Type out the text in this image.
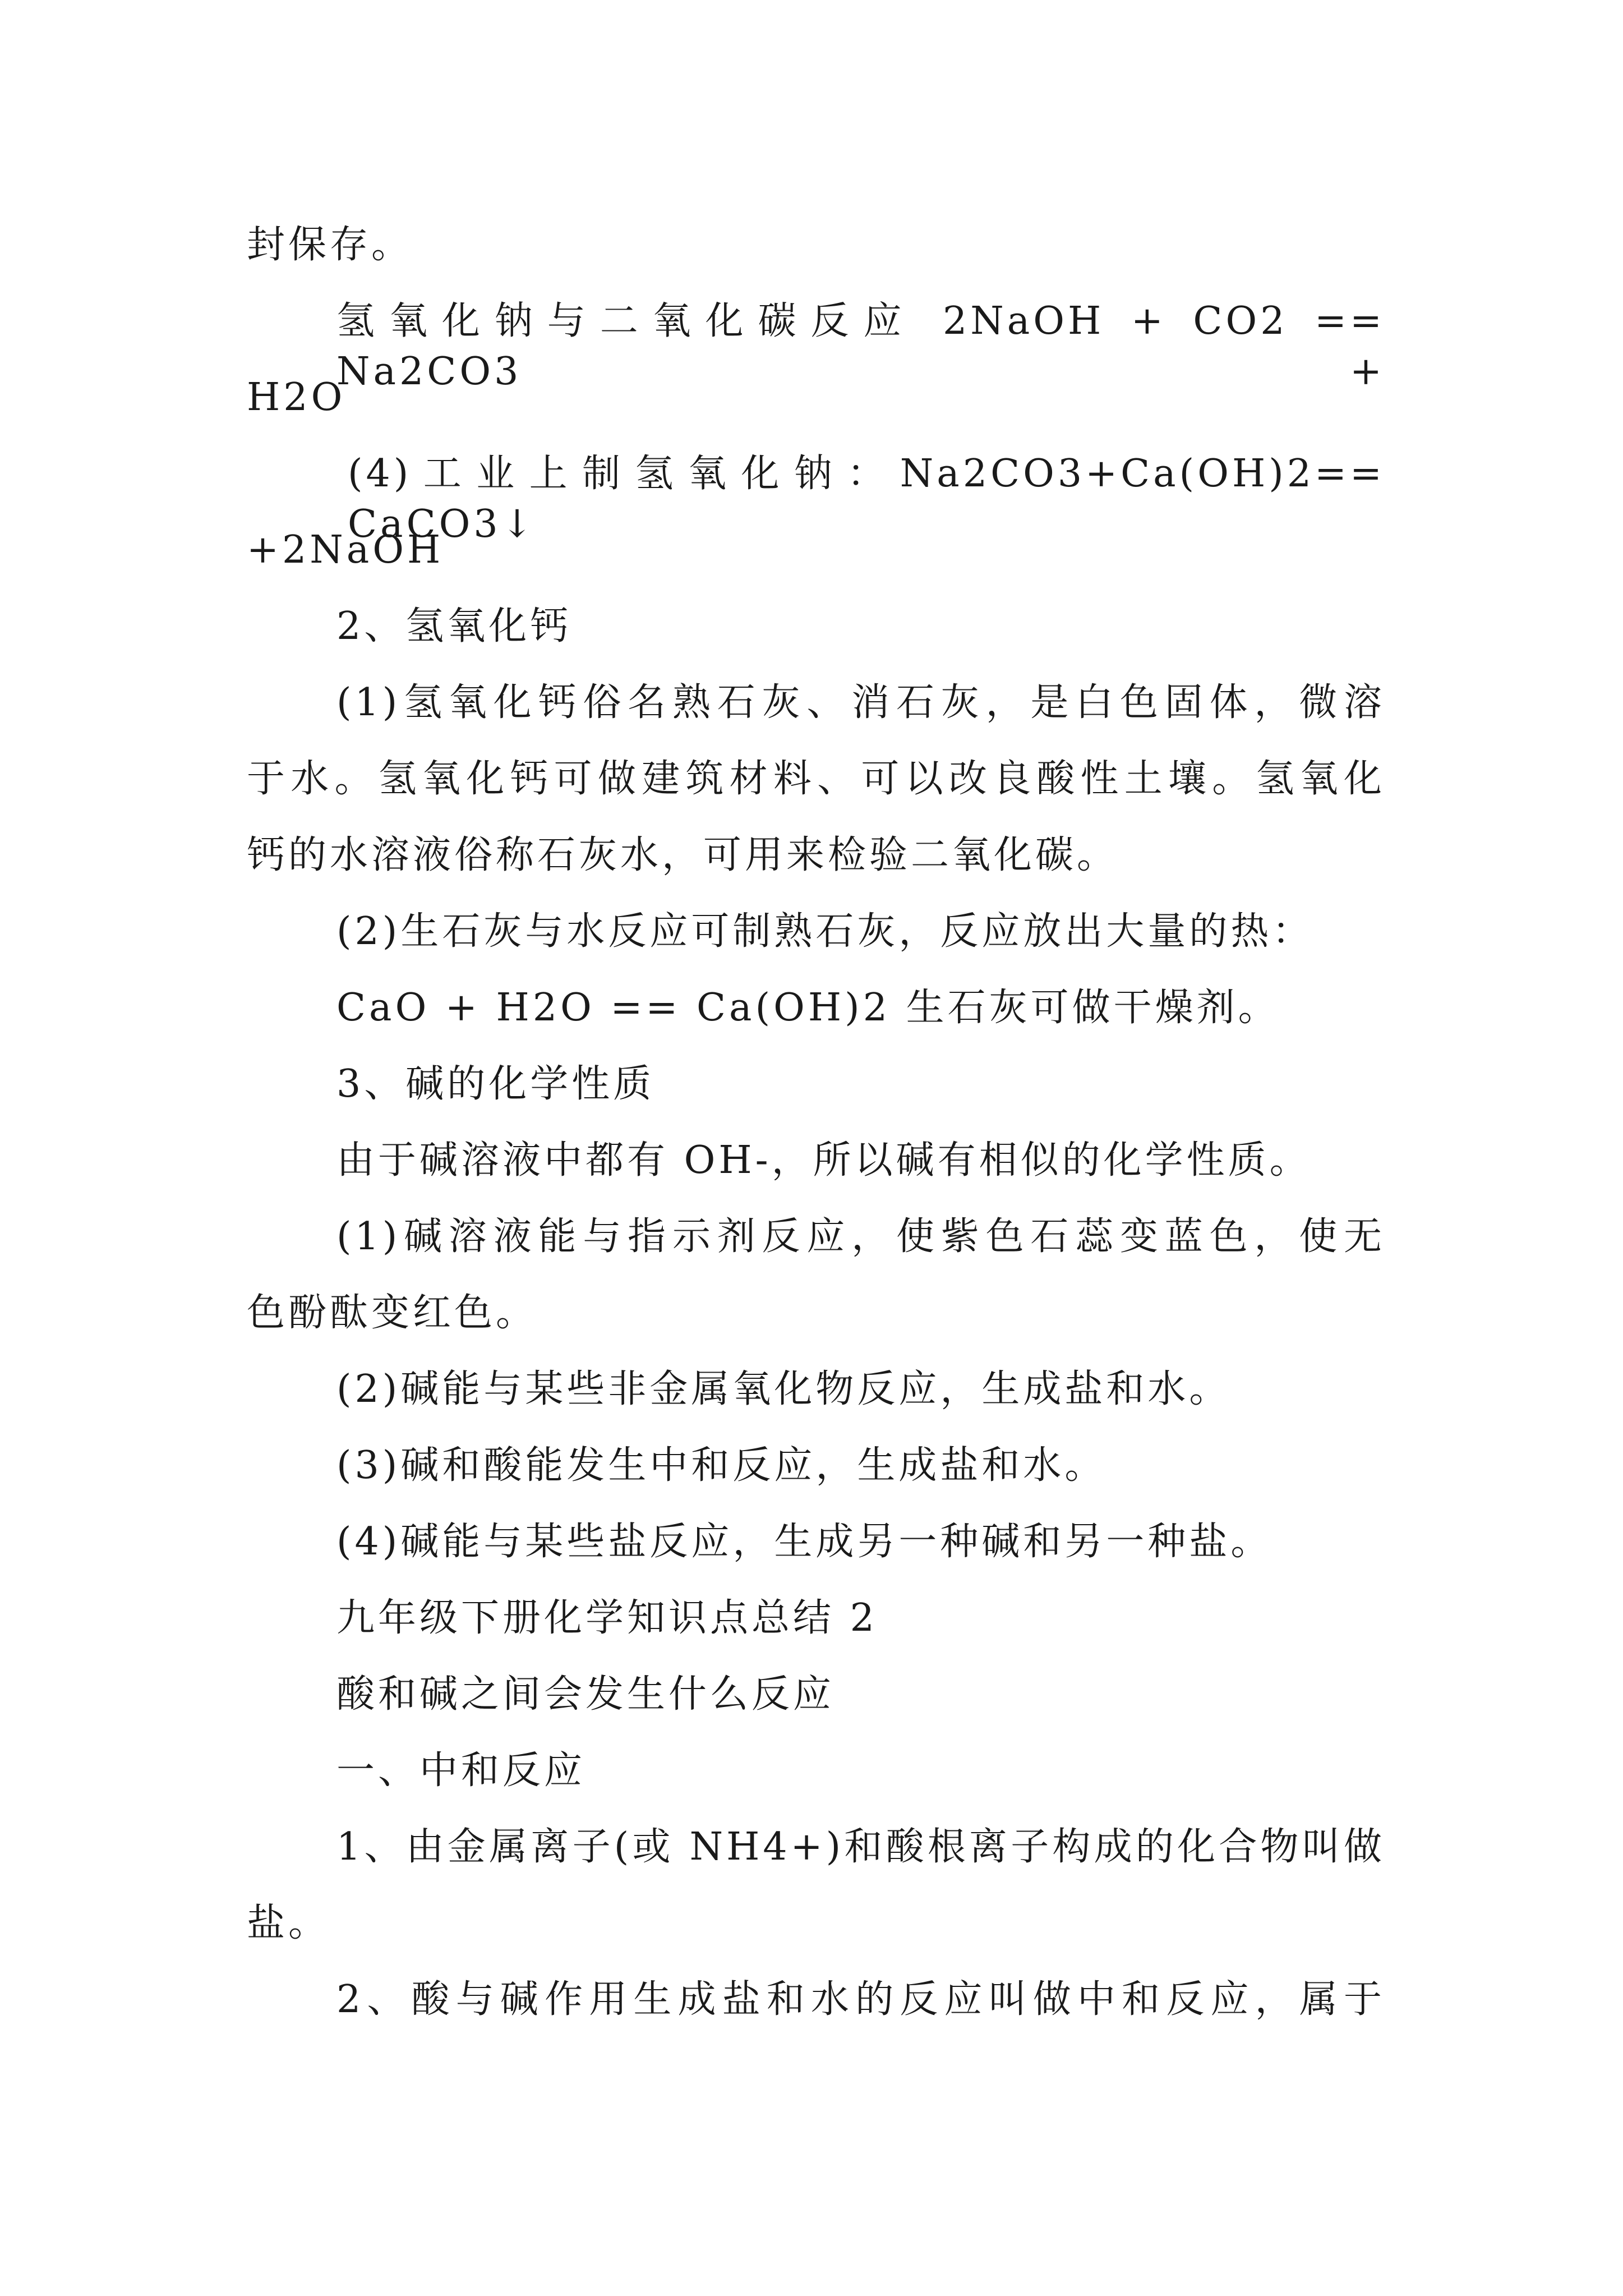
封保存。
氢氧化钠与二氧化碳反应 2NaOH + CO2 == Na2CO3 +
H2O
(4)工业上制氢氧化钠：Na2CO3+Ca(OH)2== CaCO3↓
+2NaOH
2、氢氧化钙
(1)氢氧化钙俗名熟石灰、消石灰，是白色固体，微溶
于水。氢氧化钙可做建筑材料、可以改良酸性土壤。氢氧化
钙的水溶液俗称石灰水，可用来检验二氧化碳。
(2)生石灰与水反应可制熟石灰，反应放出大量的热：
CaO + H2O == Ca(OH)2 生石灰可做干燥剂。
3、碱的化学性质
由于碱溶液中都有 OH-，所以碱有相似的化学性质。
(1)碱溶液能与指示剂反应，使紫色石蕊变蓝色，使无
色酚酞变红色。
(2)碱能与某些非金属氧化物反应，生成盐和水。
(3)碱和酸能发生中和反应，生成盐和水。
(4)碱能与某些盐反应，生成另一种碱和另一种盐。
九年级下册化学知识点总结 2
酸和碱之间会发生什么反应
一、中和反应
1、由金属离子(或 NH4+)和酸根离子构成的化合物叫做
盐。
2、酸与碱作用生成盐和水的反应叫做中和反应，属于
